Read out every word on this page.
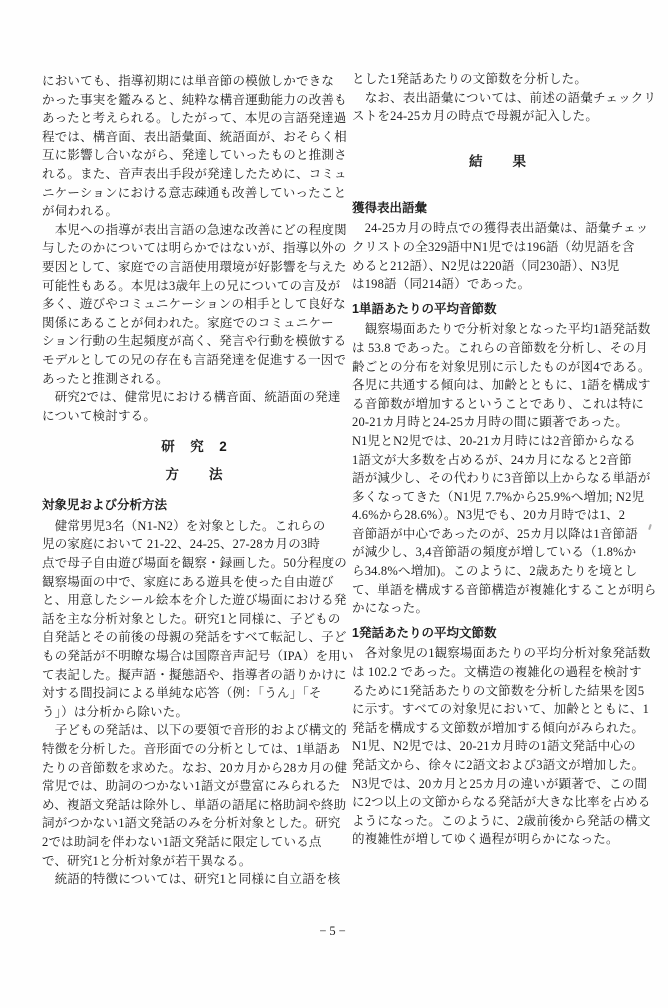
においても、指導初期には単音節の模倣しかできな
かった事実を鑑みると、純粋な構音運動能力の改善も
あったと考えられる。したがって、本児の言語発達過
程では、構音面、表出語彙面、統語面が、おそらく相
互に影響し合いながら、発達していったものと推測さ
れる。また、音声表出手段が発達したために、コミュ
ニケーションにおける意志疎通も改善していったこと
が伺われる。
　本児への指導が表出言語の急速な改善にどの程度関
与したのかについては明らかではないが、指導以外の
要因として、家庭での言語使用環境が好影響を与えた
可能性もある。本児は3歳年上の兄についての言及が
多く、遊びやコミュニケーションの相手として良好な
関係にあることが伺われた。家庭でのコミュニケー
ション行動の生起頻度が高く、発言や行動を模倣する
モデルとしての兄の存在も言語発達を促進する一因で
あったと推測される。
　研究2では、健常児における構音面、統語面の発達
について検討する。
研　究　2
方　　法
対象児および分析方法
　健常男児3名（N1-N2）を対象とした。これらの
児の家庭において 21-22、24-25、27-28カ月の3時
点で母子自由遊び場面を観察・録画した。50分程度の
観察場面の中で、家庭にある遊具を使った自由遊び
と、用意したシール絵本を介した遊び場面における発
話を主な分析対象とした。研究1と同様に、子どもの
自発話とその前後の母親の発話をすべて転記し、子ど
もの発話が不明瞭な場合は国際音声記号（IPA）を用い
て表記した。擬声語・擬態語や、指導者の語りかけに
対する間投詞による単純な応答（例：「うん」「そ
う」）は分析から除いた。
　子どもの発話は、以下の要領で音形的および構文的
特徴を分析した。音形面での分析としては、1単語あ
たりの音節数を求めた。なお、20カ月から28カ月の健
常児では、助詞のつかない1語文が豊富にみられるた
め、複語文発話は除外し、単語の語尾に格助詞や終助
詞がつかない1語文発話のみを分析対象とした。研究
2では助詞を伴わない1語文発話に限定している点
で、研究1と分析対象が若干異なる。
　統語的特徴については、研究1と同様に自立語を核
とした1発話あたりの文節数を分析した。
　なお、表出語彙については、前述の語彙チェックリ
ストを24-25カ月の時点で母親が記入した。
結　　果
獲得表出語彙
　24-25カ月の時点での獲得表出語彙は、語彙チェッ
クリストの全329語中N1児では196語（幼児語を含
めると212語）、N2児は220語（同230語）、N3児
は198語（同214語）であった。
1単語あたりの平均音節数
　観察場面あたりで分析対象となった平均1語発話数
は 53.8 であった。これらの音節数を分析し、その月
齢ごとの分布を対象児別に示したものが図4である。
各児に共通する傾向は、加齢とともに、1語を構成す
る音節数が増加するということであり、これは特に
20-21カ月時と24-25カ月時の間に顕著であった。
N1児とN2児では、20-21カ月時には2音節からなる
1語文が大多数を占めるが、24カ月になると2音節
語が減少し、その代わりに3音節以上からなる単語が
多くなってきた（N1児 7.7%から25.9%へ増加; N2児
4.6%から28.6%）。N3児でも、20カ月時では1、2
音節語が中心であったのが、25カ月以降は1音節語
が減少し、3,4音節語の頻度が増している（1.8%か
ら34.8%へ増加)。このように、2歳あたりを境とし
て、単語を構成する音節構造が複雑化することが明ら
かになった。
1発話あたりの平均文節数
　各対象児の1観察場面あたりの平均分析対象発話数
は 102.2 であった。文構造の複雑化の過程を検討す
るために1発話あたりの文節数を分析した結果を図5
に示す。すべての対象児において、加齢とともに、1
発話を構成する文節数が増加する傾向がみられた。
N1児、N2児では、20-21カ月時の1語文発話中心の
発話文から、徐々に2語文および3語文が増加した。
N3児では、20カ月と25カ月の違いが顕著で、この間
に2つ以上の文節からなる発話が大きな比率を占める
ようになった。このように、2歳前後から発話の構文
的複雑性が増してゆく過程が明らかになった。
−5−
